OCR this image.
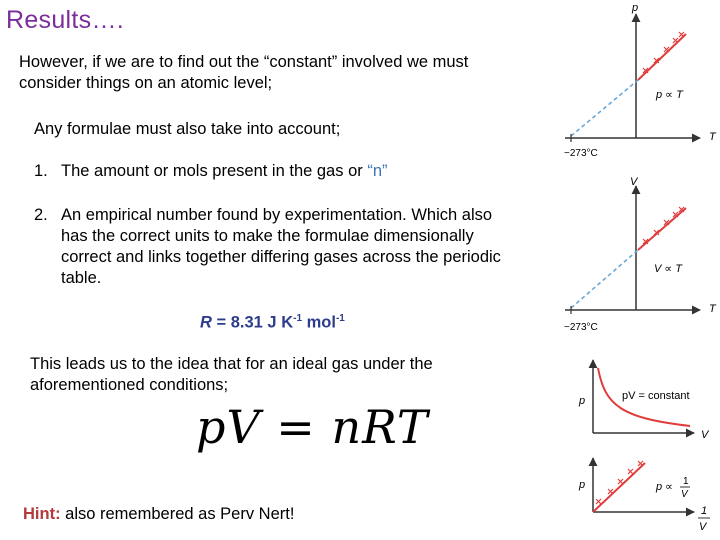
Results….
However, if we are to find out the “constant” involved we must consider things on an atomic level;
Any formulae must also take into account;
1. The amount or mols present in the gas or “n”
2. An empirical number found by experimentation. Which also has the correct units to make the formulae dimensionally correct and links together differing gases across the periodic table.
R = 8.31 J $K^{-1}$ mol$^{-1}$
This leads us to the idea that for an ideal gas under the aforementioned conditions;
pV = nRT
Hint: also remembered as Perv Nert!
p
T
p ∝ T
−273°C
V
T
V ∝ T
−273°C
p
V
pV = constant
p
1
V
p ∝ 1
V
